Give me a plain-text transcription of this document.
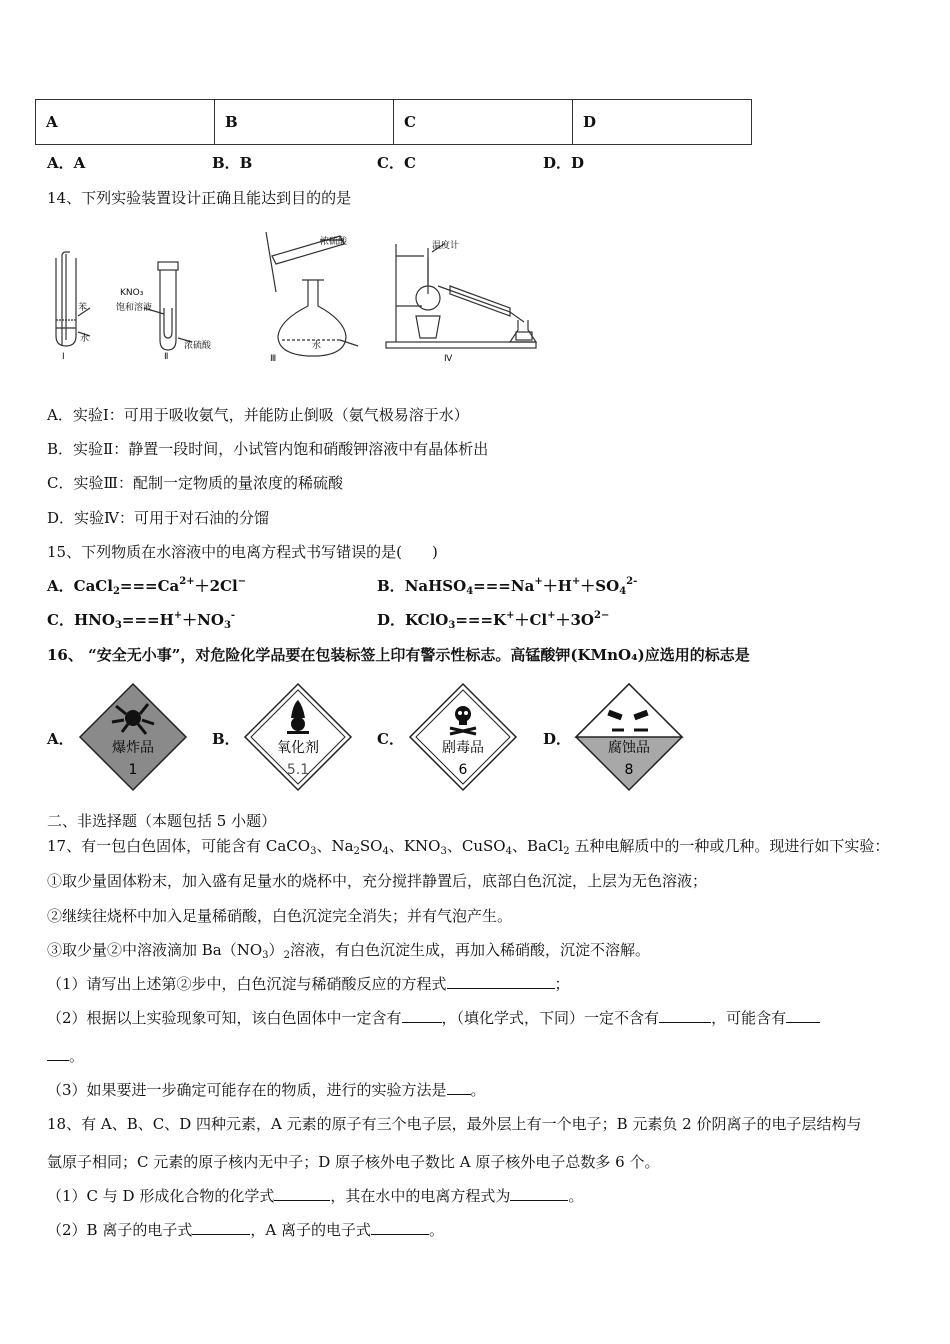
A	B	C	D
A．A	B．B	C．C	D．D
14、下列实验装置设计正确且能达到目的的是
苯
水
Ⅰ
KNO₃
饱和溶液
浓硫酸
Ⅱ
浓硫酸
水
Ⅲ
温度计
Ⅳ
A．实验Ⅰ：可用于吸收氨气，并能防止倒吸（氨气极易溶于水）
B．实验Ⅱ：静置一段时间，小试管内饱和硝酸钾溶液中有晶体析出
C．实验Ⅲ：配制一定物质的量浓度的稀硫酸
D．实验Ⅳ：可用于对石油的分馏
15、下列物质在水溶液中的电离方程式书写错误的是(　　)
A．$CaCl_2===Ca^{2+}+2Cl^-$	B．$NaHSO_4===Na^++H^++SO_4^{2-}$
C．$HNO_3===H^++NO_3^-$	D．$KClO_3===K^++Cl^++3O^{2-}$
16、 “安全无小事”，对危险化学品要在包装标签上印有警示性标志。高锰酸钾(KMnO₄)应选用的标志是
A．	B．	C．	D．
爆炸品
1
氧化剂
5.1
剧毒品
6
腐蚀品
8
二、非选择题（本题包括 5 小题）
17、有一包白色固体，可能含有 CaCO$_3$、$Na_2SO_4$、$KNO_3$、CuSO$_4$、BaCl$_2$ 五种电解质中的一种或几种。现进行如下实验：
①取少量固体粉末，加入盛有足量水的烧杯中，充分搅拌静置后，底部白色沉淀，上层为无色溶液；
②继续往烧杯中加入足量稀硝酸，白色沉淀完全消失；并有气泡产生。
③取少量②中溶液滴加 $Ba(NO_3)_2$溶液，有白色沉淀生成，再加入稀硝酸，沉淀不溶解。
（1）请写出上述第②步中，白色沉淀与稀硝酸反应的方程式	；
（2）根据以上实验现象可知，该白色固体中一定含有	，（填化学式，下同）一定不含有	，可能含有
。
（3）如果要进一步确定可能存在的物质，进行的实验方法是 。
18、有 A、B、C、D 四种元素，A 元素的原子有三个电子层，最外层上有一个电子；B 元素负 2 价阴离子的电子层结构与
氩原子相同；C 元素的原子核内无中子；D 原子核外电子数比 A 原子核外电子总数多 6 个。
（1）C 与 D 形成化合物的化学式	，其在水中的电离方程式为	。
（2）B 离子的电子式	，A 离子的电子式	。
